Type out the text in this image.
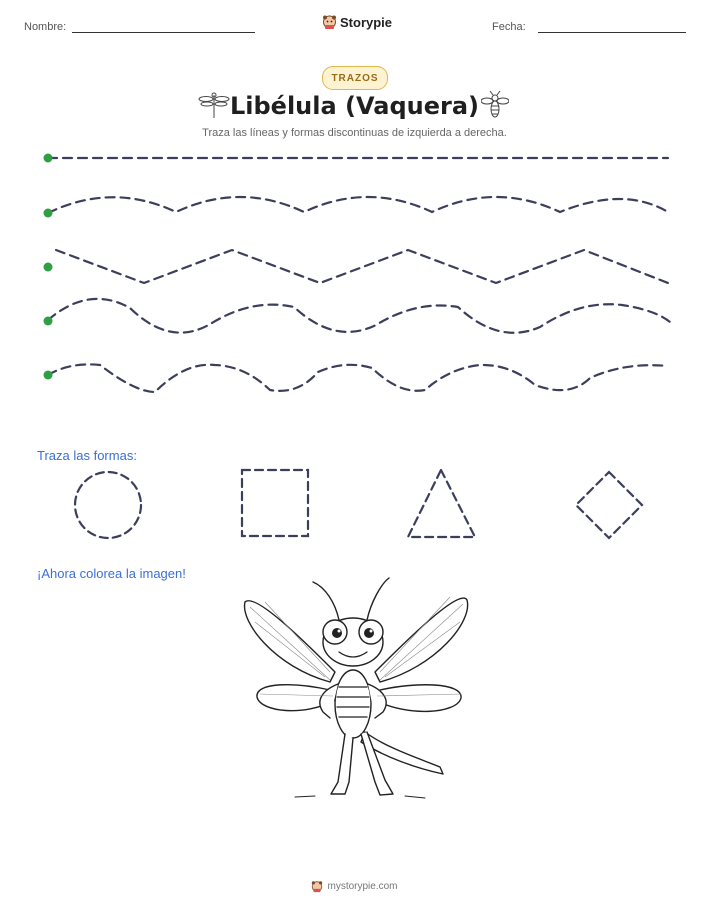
Nombre:	Storypie	Fecha:
TRAZOS
Libélula (Vaquera)
Traza las líneas y formas discontinuas de izquierda a derecha.
Traza las formas:
¡Ahora colorea la imagen!
mystorypie.com
